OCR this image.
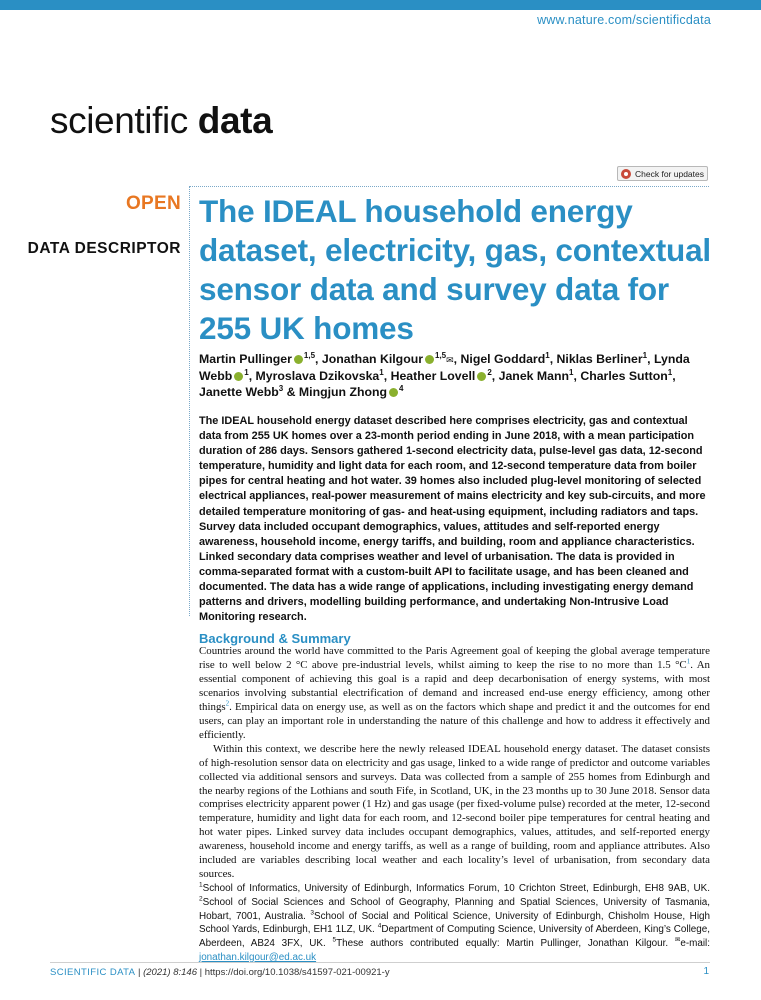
www.nature.com/scientificdata
scientific data
Check for updates
OPEN
DATA DESCRIPTOR
The IDEAL household energy dataset, electricity, gas, contextual sensor data and survey data for 255 UK homes
Martin Pullinger $^{1,5}$, Jonathan Kilgour $^{1,5}$✉, Nigel Goddard$^1$, Niklas Berliner$^1$, Lynda Webb $^1$, Myroslava Dzikovska$^1$, Heather Lovell $^2$, Janek Mann$^1$, Charles Sutton$^1$, Janette Webb$^3$ & Mingjun Zhong $^4$

The IDEAL household energy dataset described here comprises electricity, gas and contextual data from 255 UK homes over a 23-month period ending in June 2018, with a mean participation duration of 286 days. Sensors gathered 1-second electricity data, pulse-level gas data, 12-second temperature, humidity and light data for each room, and 12-second temperature data from boiler pipes for central heating and hot water. 39 homes also included plug-level monitoring of selected electrical appliances, real-power measurement of mains electricity and key sub-circuits, and more detailed temperature monitoring of gas- and heat-using equipment, including radiators and taps. Survey data included occupant demographics, values, attitudes and self-reported energy awareness, household income, energy tariffs, and building, room and appliance characteristics. Linked secondary data comprises weather and level of urbanisation. The data is provided in comma-separated format with a custom-built API to facilitate usage, and has been cleaned and documented. The data has a wide range of applications, including investigating energy demand patterns and drivers, modelling building performance, and undertaking Non-Intrusive Load Monitoring research.

Background & Summary

Countries around the world have committed to the Paris Agreement goal of keeping the global average temperature rise to well below 2 °C above pre-industrial levels, whilst aiming to keep the rise to no more than 1.5 $^\circ C^1$. An essential component of achieving this goal is a rapid and deep decarbonisation of energy systems, with most scenarios involving substantial electrification of demand and increased end-use energy efficiency, among other things$^2$. Empirical data on energy use, as well as on the factors which shape and predict it and the outcomes for end users, can play an important role in understanding the nature of this challenge and how to address it effectively and efficiently.

Within this context, we describe here the newly released IDEAL household energy dataset. The dataset consists of high-resolution sensor data on electricity and gas usage, linked to a wide range of predictor and outcome variables collected via additional sensors and surveys. Data was collected from a sample of 255 homes from Edinburgh and the nearby regions of the Lothians and south Fife, in Scotland, UK, in the 23 months up to 30 June 2018. Sensor data comprises electricity apparent power (1 Hz) and gas usage (per fixed-volume pulse) recorded at the meter, 12-second temperature, humidity and light data for each room, and 12-second boiler pipe temperatures for central heating and hot water pipes. Linked survey data includes occupant demographics, values, attitudes, and self-reported energy awareness, household income and energy tariffs, as well as a range of building, room and appliance attributes. Also included are variables describing local weather and each locality’s level of urbanisation, from secondary data sources.

$^1$School of Informatics, University of Edinburgh, Informatics Forum, 10 Crichton Street, Edinburgh, EH8 9AB, UK. $^2$School of Social Sciences and School of Geography, Planning and Spatial Sciences, University of Tasmania, Hobart, 7001, Australia. $^3$School of Social and Political Science, University of Edinburgh, Chisholm House, High School Yards, Edinburgh, EH1 1LZ, UK. $^4$Department of Computing Science, University of Aberdeen, King’s College, Aberdeen, AB24 3FX, UK. $^5$These authors contributed equally: Martin Pullinger, Jonathan Kilgour. ✉e-mail: jonathan.kilgour@ed.ac.uk
SCIENTIFIC DATA | (2021) 8:146 | https://doi.org/10.1038/s41597-021-00921-y	1
